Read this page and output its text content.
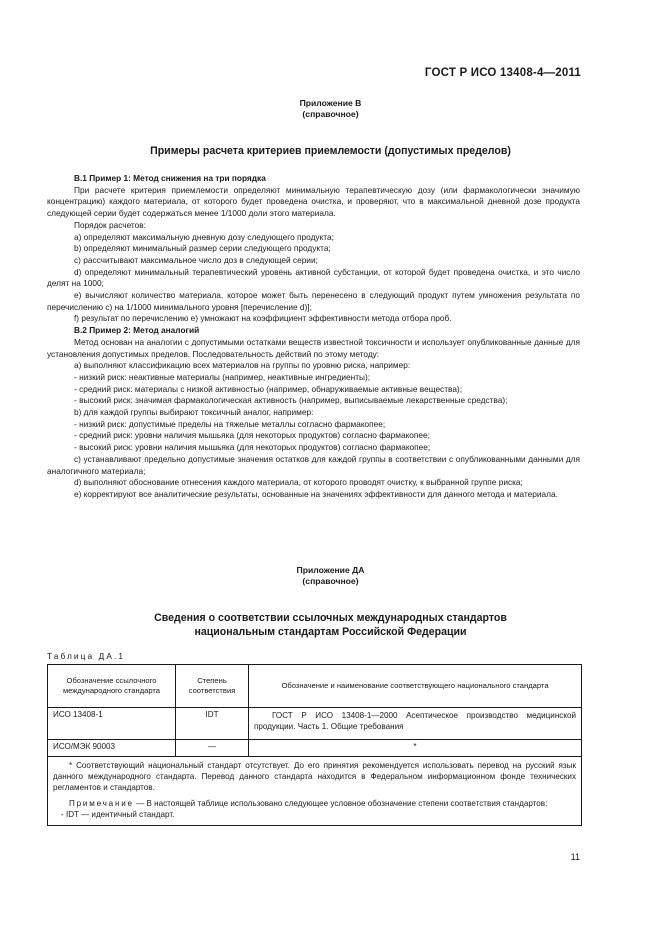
ГОСТ Р ИСО 13408-4—2011
Приложение В
(справочное)
Примеры расчета критериев приемлемости (допустимых пределов)

В.1 Пример 1: Метод снижения на три порядка

При расчете критерия приемлемости определяют минимальную терапевтическую дозу (или фармакологически значимую концентрацию) каждого материала, от которого будет проведена очистка, и проверяют, что в максимальной дневной дозе продукта следующей серии будет содержаться менее 1/1000 доли этого материала.

Порядок расчетов:

а) определяют максимальную дневную дозу следующего продукта;

b) определяют минимальный размер серии следующего продукта;

с) рассчитывают максимальное число доз в следующей серии;

d) определяют минимальный терапевтический уровень активной субстанции, от которой будет проведена очистка, и это число делят на 1000;

е) вычисляют количество материала, которое может быть перенесено в следующий продукт путем умножения результата по перечислению с) на 1/1000 минимального уровня [перечисление d)];

f) результат по перечислению е) умножают на коэффициент эффективности метода отбора проб.

В.2 Пример 2: Метод аналогий

Метод основан на аналогии с допустимыми остатками веществ известной токсичности и использует опубликованные данные для установления допустимых пределов. Последовательность действий по этому методу:

а) выполняют классификацию всех материалов на группы по уровню риска, например:

- низкий риск: неактивные материалы (например, неактивные ингредиенты);

- средний риск: материалы с низкой активностью (например, обнаруживаемые активные вещества);

- высокий риск: значимая фармакологическая активность (например, выписываемые лекарственные средства);

b) для каждой группы выбирают токсичный аналог, например:

- низкий риск: допустимые пределы на тяжелые металлы согласно фармакопее;

- средний риск: уровни наличия мышьяка (для некоторых продуктов) согласно фармакопее;

- высокий риск: уровни наличия мышьяка (для некоторых продуктов) согласно фармакопее;

с) устанавливают предельно допустимые значения остатков для каждой группы в соответствии с опубликованными данными для аналогичного материала;

d) выполняют обоснование отнесения каждого материала, от которого проводят очистку, к выбранной группе риска;

е) корректируют все аналитические результаты, основанные на значениях эффективности для данного метода и материала.

Приложение ДА
(справочное)
Сведения о соответствии ссылочных международных стандартов
национальным стандартам Российской Федерации
Таблица ДА.1
Обозначение ссылочного международного стандарта	Степень соответствия	Обозначение и наименование соответствующего национального стандарта
ИСО 13408-1	IDT	ГОСТ Р ИСО 13408-1—2000 Асептическое производство медицинской продукции. Часть 1. Общие требования
ИСО/МЭК 90003	—	*

* Соответствующий национальный стандарт отсутствует. До его принятия рекомендуется использовать перевод на русский язык данного международного стандарта. Перевод данного стандарта находится в Федеральном информационном фонде технических регламентов и стандартов.

Примечание — В настоящей таблице использовано следующее условное обозначение степени соответствия стандартов:

- IDT — идентичный стандарт.		

11
